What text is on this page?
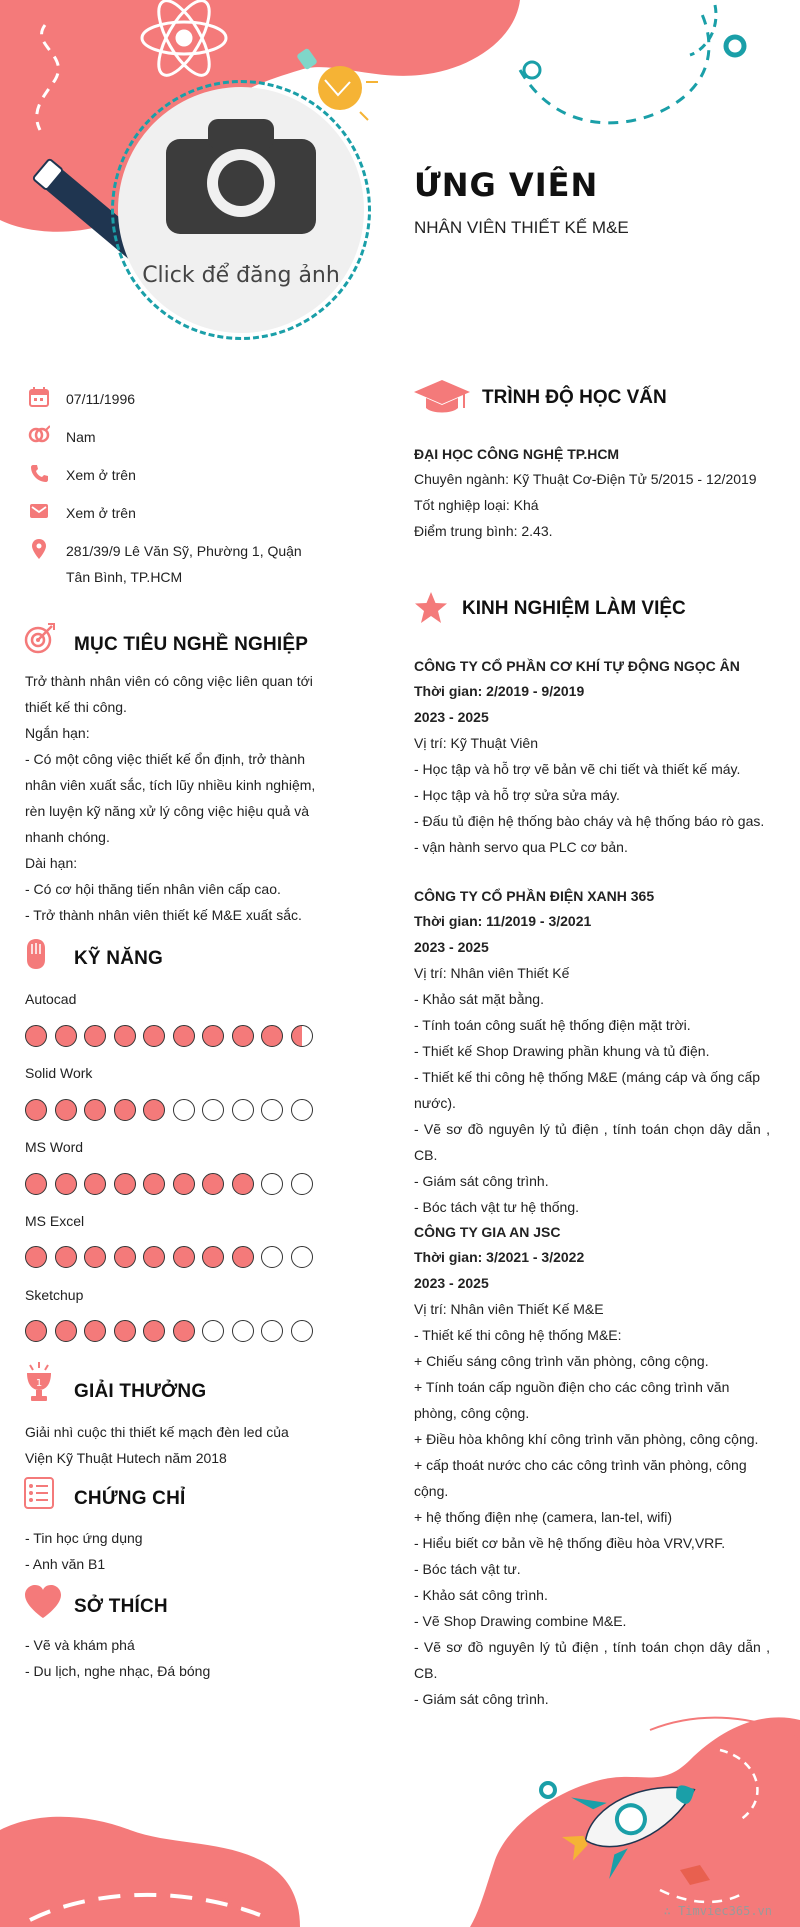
Click để đăng ảnh
ỨNG VIÊN
NHÂN VIÊN THIẾT KẾ M&E
07/11/1996
Nam
Xem ở trên
Xem ở trên
281/39/9 Lê Văn Sỹ, Phường 1, Quận
Tân Bình, TP.HCM
MỤC TIÊU NGHỀ NGHIỆP
Trở thành nhân viên có công việc liên quan tới
thiết kế thi công.
Ngắn hạn:
- Có một công việc thiết kế ổn định, trở thành
nhân viên xuất sắc, tích lũy nhiều kinh nghiệm,
rèn luyện kỹ năng xử lý công việc hiệu quả và
nhanh chóng.
Dài hạn:
- Có cơ hội thăng tiến nhân viên cấp cao.
- Trở thành nhân viên thiết kế M&E xuất sắc.
KỸ NĂNG
Autocad
Solid Work
MS Word
MS Excel
Sketchup
1 GIẢI THƯỞNG
Giải nhì cuộc thi thiết kế mạch đèn led của
Viện Kỹ Thuật Hutech năm 2018
CHỨNG CHỈ
- Tin học ứng dụng
- Anh văn B1
SỞ THÍCH
- Vẽ và khám phá
- Du lịch, nghe nhạc, Đá bóng
TRÌNH ĐỘ HỌC VẤN
ĐẠI HỌC CÔNG NGHỆ TP.HCM
Chuyên ngành: Kỹ Thuật Cơ-Điện Tử 5/2015 - 12/2019
Tốt nghiệp loại: Khá
Điểm trung bình: 2.43.
KINH NGHIỆM LÀM VIỆC
CÔNG TY CỔ PHẦN CƠ KHÍ TỰ ĐỘNG NGỌC ÂN
Thời gian: 2/2019 - 9/2019
2023 - 2025
Vị trí: Kỹ Thuật Viên
- Học tập và hỗ trợ vẽ bản vẽ chi tiết và thiết kế máy.
- Học tập và hỗ trợ sửa sửa máy.
- Đấu tủ điện hệ thống bào cháy và hệ thống báo rò gas.
- vận hành servo qua PLC cơ bản.
CÔNG TY CỔ PHẦN ĐIỆN XANH 365
Thời gian: 11/2019 - 3/2021
2023 - 2025
Vị trí: Nhân viên Thiết Kế
- Khảo sát mặt bằng.
- Tính toán công suất hệ thống điện mặt trời.
- Thiết kế Shop Drawing phần khung và tủ điện.
- Thiết kế thi công hệ thống M&E (máng cáp và ống cấp
nước).
- Vẽ sơ đồ nguyên lý tủ điện , tính toán chọn dây dẫn , CB.
- Giám sát công trình.
- Bóc tách vật tư hệ thống.
CÔNG TY GIA AN JSC
Thời gian: 3/2021 - 3/2022
2023 - 2025
Vị trí: Nhân viên Thiết Kế M&E
- Thiết kế thi công hệ thống M&E:
+ Chiếu sáng công trình văn phòng, công cộng.
+ Tính toán cấp nguồn điện cho các công trình văn
phòng, công cộng.
+ Điều hòa không khí công trình văn phòng, công cộng.
+ cấp thoát nước cho các công trình văn phòng, công
cộng.
+ hệ thống điện nhẹ (camera, lan-tel, wifi)
- Hiểu biết cơ bản về hệ thống điều hòa VRV,VRF.
- Bóc tách vật tư.
- Khảo sát công trình.
- Vẽ Shop Drawing combine M&E.
- Vẽ sơ đồ nguyên lý tủ điện , tính toán chọn dây dẫn , CB.
- Giám sát công trình.
∴ Timviec365.vn
